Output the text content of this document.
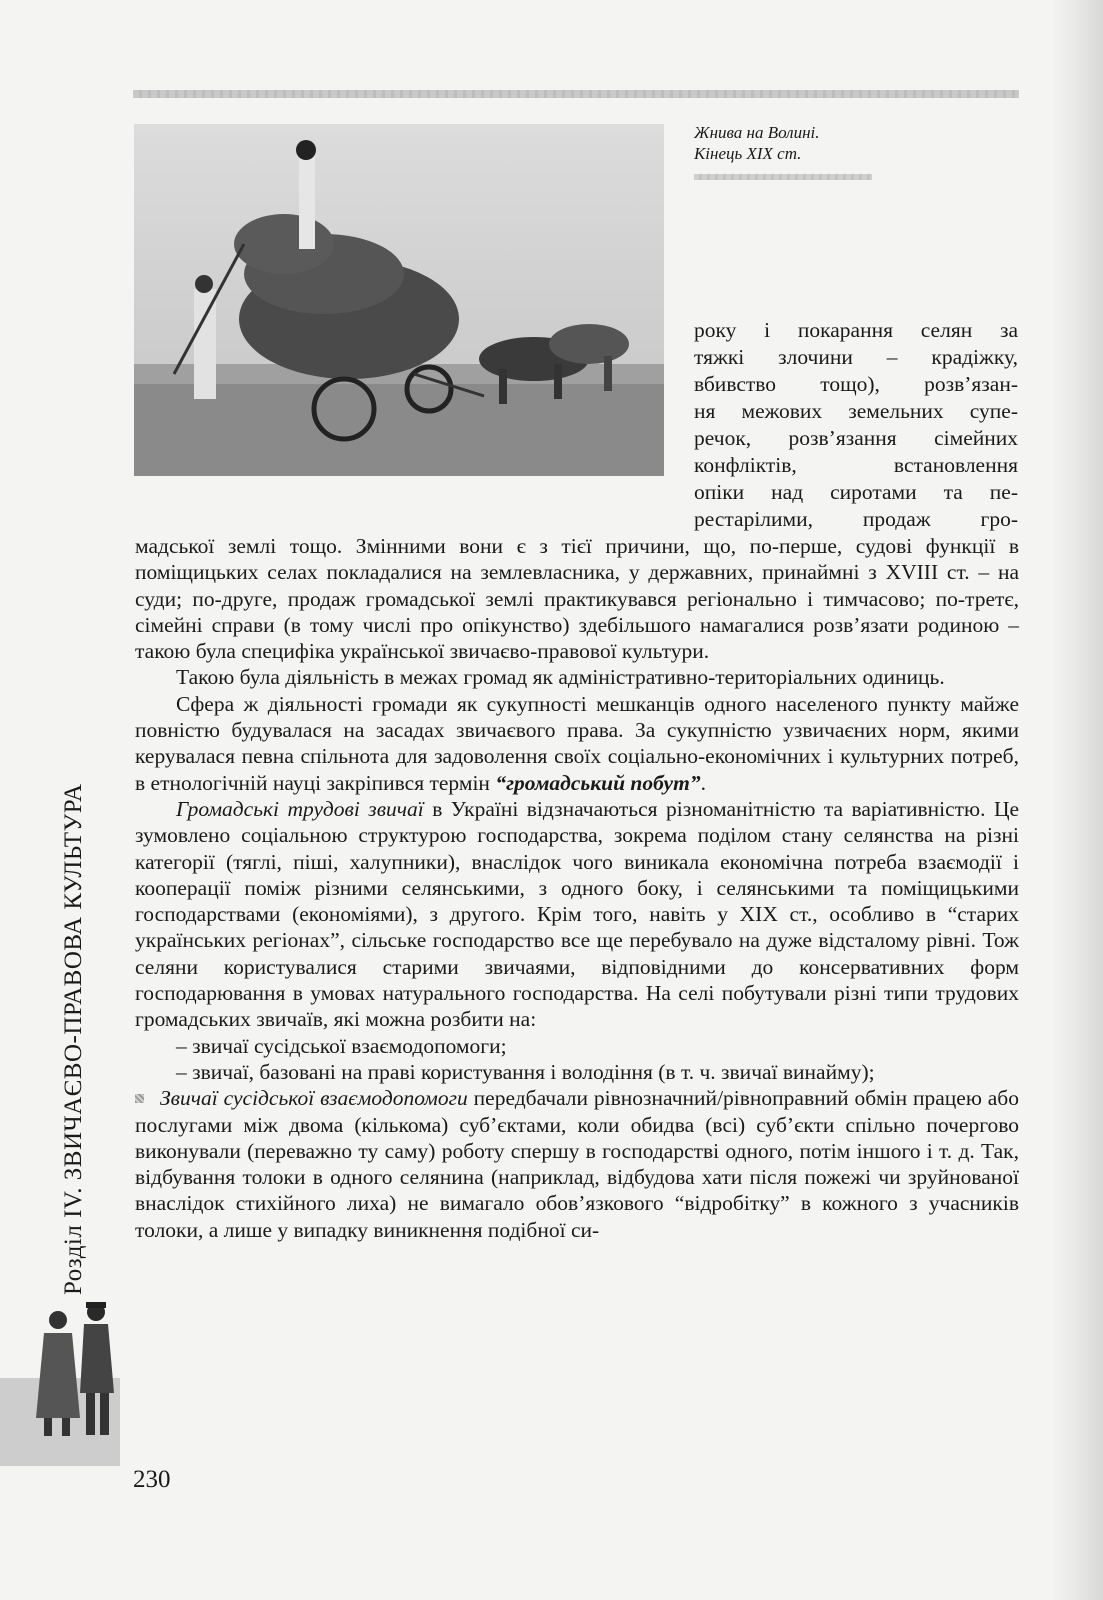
Жнива на Волині.
Кінець XIX ст.
року і покарання селян за
тяжкі злочини – крадіжку,
вбивство тощо), розв’язан-
ня межових земельних супе-
речок, розв’язання сімейних
конфліктів, встановлення
опіки над сиротами та пе-
рестарілими, продаж гро-

мадської землі тощо. Змінними вони є з тієї причини, що, по-перше, судові функції в поміщицьких селах покладалися на землевласника, у державних, принаймні з XVIII ст. – на суди; по-друге, продаж громадської землі практикувався регіонально і тимчасово; по-третє, сімейні справи (в тому числі про опікунство) здебільшого намагалися розв’язати родиною – такою була специфіка української звичаєво-правової культури.

Такою була діяльність в межах громад як адміністративно-територіальних одиниць.

Сфера ж діяльності громади як сукупності мешканців одного населеного пункту майже повністю будувалася на засадах звичаєвого права. За сукупністю узвичаєних норм, якими керувалася певна спільнота для задоволення своїх соціально-економічних і культурних потреб, в етнологічній науці закріпився термін “громадський побут”.

Громадські трудові звичаї в Україні відзначаються різноманітністю та варіативністю. Це зумовлено соціальною структурою господарства, зокрема поділом стану селянства на різні категорії (тяглі, піші, халупники), внаслідок чого виникала економічна потреба взаємодії і кооперації поміж різними селянськими, з одного боку, і селянськими та поміщицькими господарствами (економіями), з другого. Крім того, навіть у XIX ст., особливо в “старих українських регіонах”, сільське господарство все ще перебувало на дуже відсталому рівні. Тож селяни користувалися старими звичаями, відповідними до консервативних форм господарювання в умовах натурального господарства. На селі побутували різні типи трудових громадських звичаїв, які можна розбити на:

– звичаї сусідської взаємодопомоги;

– звичаї, базовані на праві користування і володіння (в т. ч. звичаї винайму);

Звичаї сусідської взаємодопомоги передбачали рівнозначний/рівноправний обмін працею або послугами між двома (кількома) суб’єктами, коли обидва (всі) суб’єкти спільно почергово виконували (переважно ту саму) роботу спершу в господарстві одного, потім іншого і т. д. Так, відбування толоки в одного селянина (наприклад, відбудова хати після пожежі чи зруйнованої внаслідок стихійного лиха) не вимагало обов’язкового “відробітку” в кожного з учасників толоки, а лише у випадку виникнення подібної си-

Розділ IV. ЗВИЧАЄВО-ПРАВОВА КУЛЬТУРА
230
